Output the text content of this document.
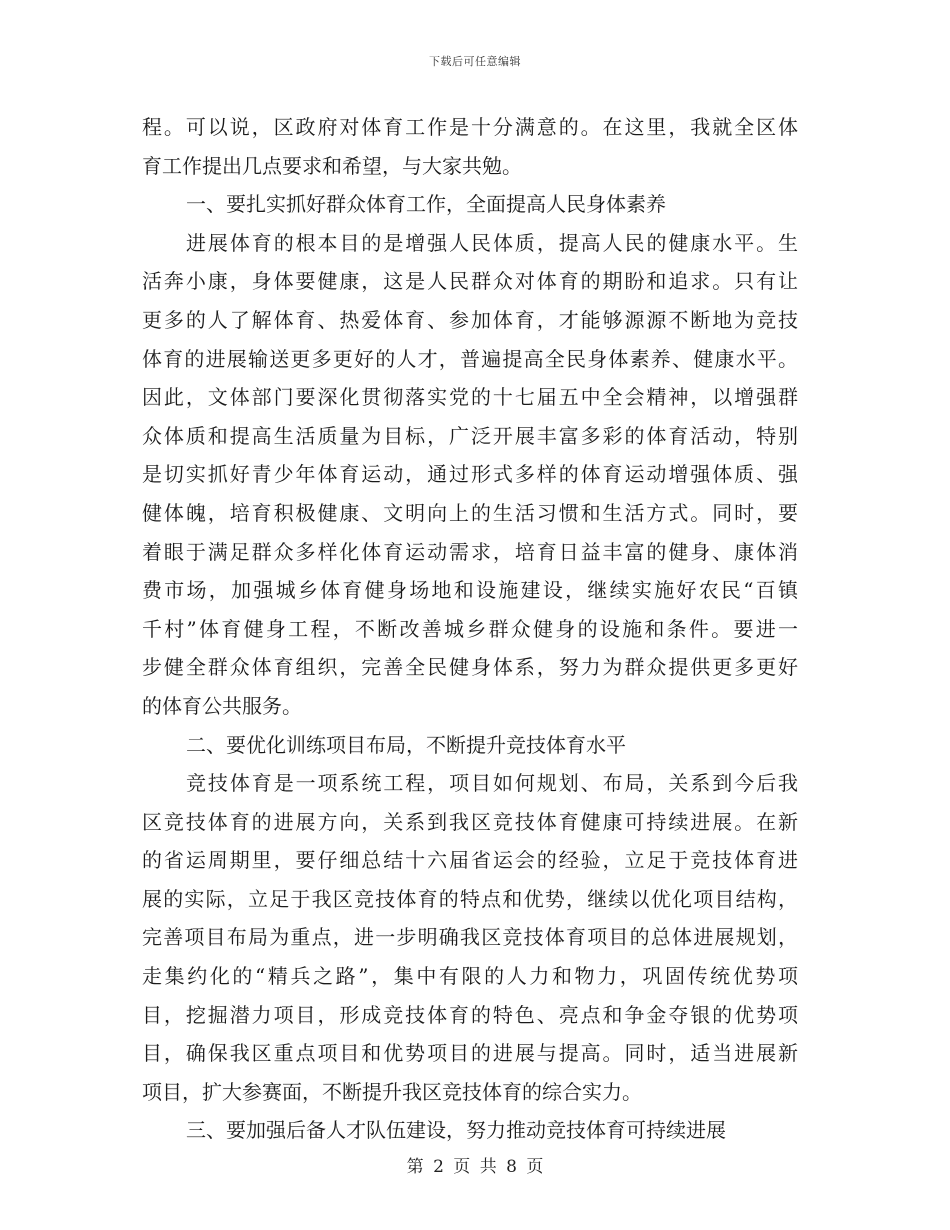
下载后可任意编辑
程。可以说，区政府对体育工作是十分满意的。在这里，我就全区体
育工作提出几点要求和希望，与大家共勉。
一、要扎实抓好群众体育工作，全面提高人民身体素养
进展体育的根本目的是增强人民体质，提高人民的健康水平。生
活奔小康，身体要健康，这是人民群众对体育的期盼和追求。只有让
更多的人了解体育、热爱体育、参加体育，才能够源源不断地为竞技
体育的进展输送更多更好的人才，普遍提高全民身体素养、健康水平。
因此，文体部门要深化贯彻落实党的十七届五中全会精神，以增强群
众体质和提高生活质量为目标，广泛开展丰富多彩的体育活动，特别
是切实抓好青少年体育运动，通过形式多样的体育运动增强体质、强
健体魄，培育积极健康、文明向上的生活习惯和生活方式。同时，要
着眼于满足群众多样化体育运动需求，培育日益丰富的健身、康体消
费市场，加强城乡体育健身场地和设施建设，继续实施好农民“百镇
千村”体育健身工程，不断改善城乡群众健身的设施和条件。要进一
步健全群众体育组织，完善全民健身体系，努力为群众提供更多更好
的体育公共服务。
二、要优化训练项目布局，不断提升竞技体育水平
竞技体育是一项系统工程，项目如何规划、布局，关系到今后我
区竞技体育的进展方向，关系到我区竞技体育健康可持续进展。在新
的省运周期里，要仔细总结十六届省运会的经验，立足于竞技体育进
展的实际，立足于我区竞技体育的特点和优势，继续以优化项目结构，
完善项目布局为重点，进一步明确我区竞技体育项目的总体进展规划，
走集约化的“精兵之路”，集中有限的人力和物力，巩固传统优势项
目，挖掘潜力项目，形成竞技体育的特色、亮点和争金夺银的优势项
目，确保我区重点项目和优势项目的进展与提高。同时，适当进展新
项目，扩大参赛面，不断提升我区竞技体育的综合实力。
三、要加强后备人才队伍建设，努力推动竞技体育可持续进展
第 2 页 共 8 页
